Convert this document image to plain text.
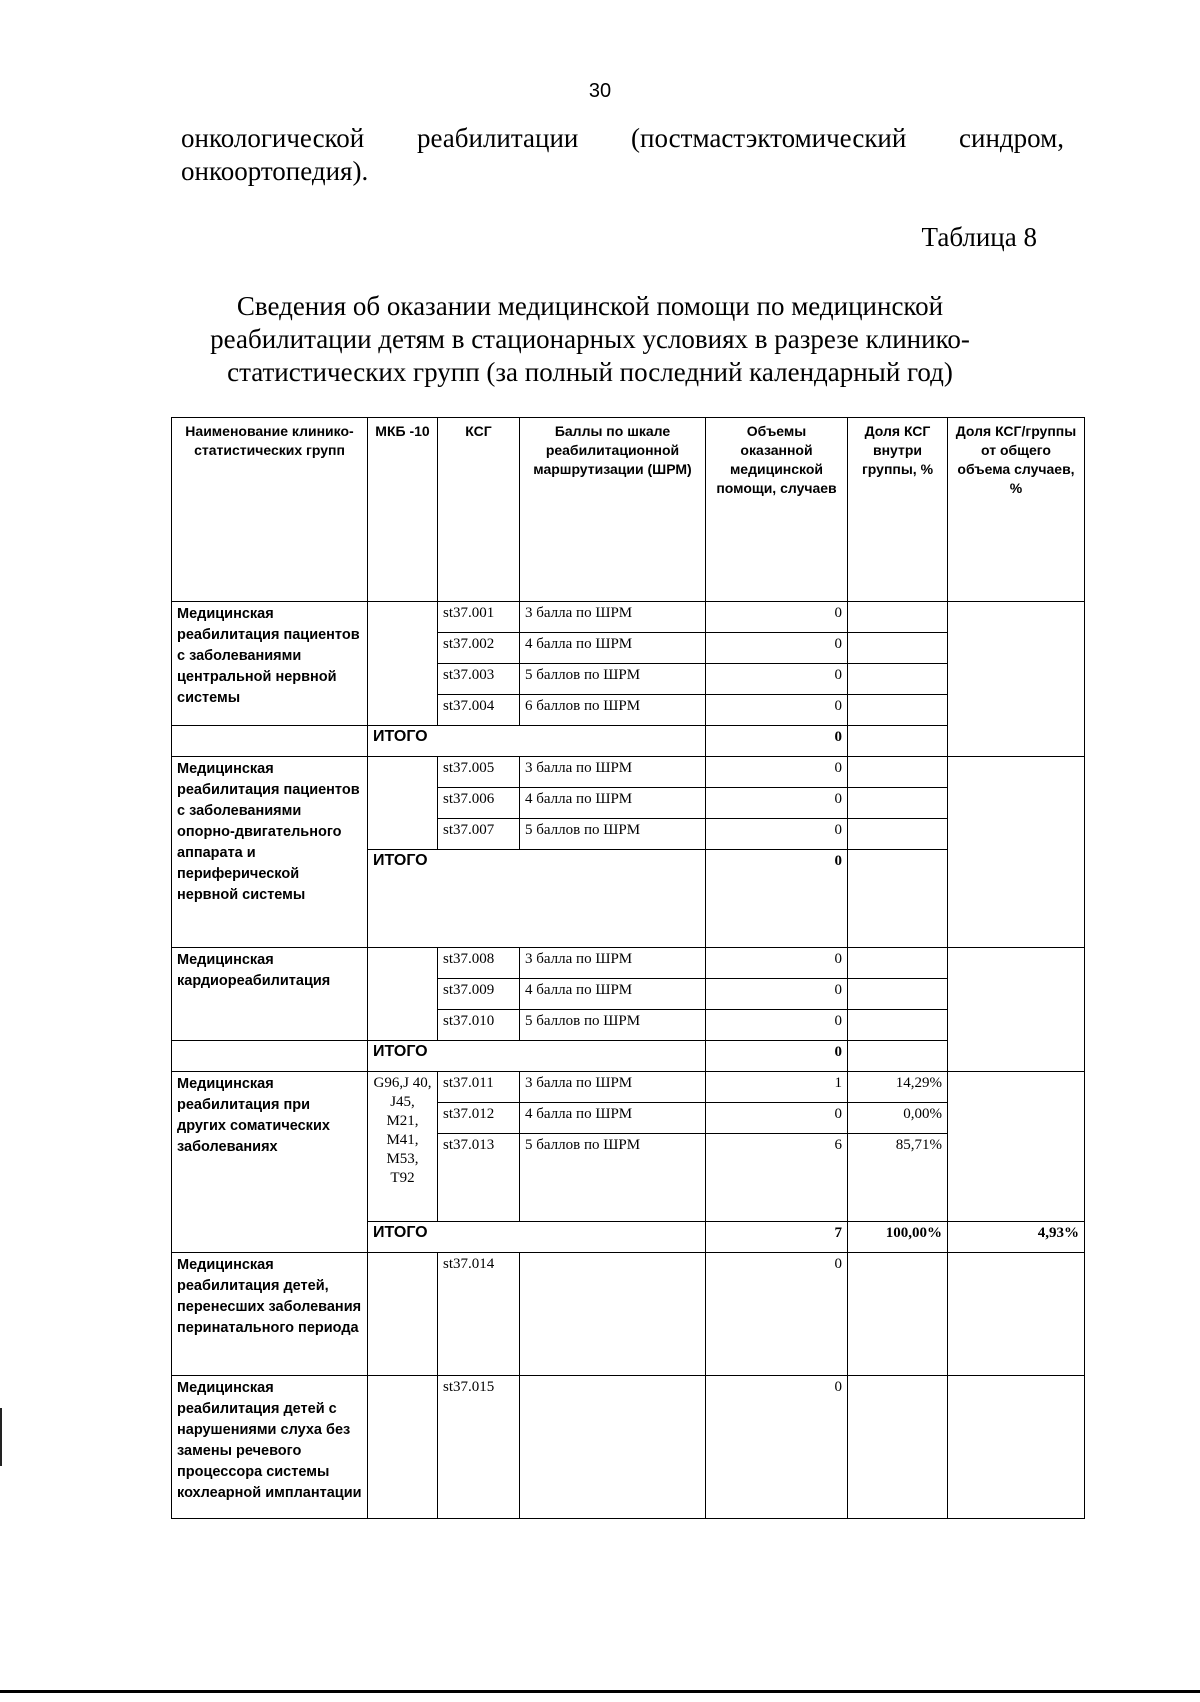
30
онкологической реабилитации (постмастэктомический синдром,
онкоортопедия).
Таблица 8
Сведения об оказании медицинской помощи по медицинской
реабилитации детям в стационарных условиях в разрезе клинико-
статистических групп (за полный последний календарный год)
Наименование клинико-статистических групп	МКБ -10	КСГ	Баллы по шкале реабилитационной маршрутизации (ШРМ)	Объемы оказанной медицинской помощи, случаев	Доля КСГ внутри группы, %	Доля КСГ/группы от общего объема случаев, %
Медицинская реабилитация пациентов с заболеваниями центральной нервной системы		st37.001	3 балла по ШРМ	0		
		st37.002	4 балла по ШРМ	0		
		st37.003	5 баллов по ШРМ	0		
		st37.004	6 баллов по ШРМ	0		
	ИТОГО			0		
Медицинская реабилитация пациентов с заболеваниями опорно-двигательного аппарата и периферической нервной системы		st37.005	3 балла по ШРМ	0		
		st37.006	4 балла по ШРМ	0		
		st37.007	5 баллов по ШРМ	0		
	ИТОГО			0		
Медицинская кардиореабилитация		st37.008	3 балла по ШРМ	0		
		st37.009	4 балла по ШРМ	0		
		st37.010	5 баллов по ШРМ	0		
	ИТОГО			0		
Медицинская реабилитация при других соматических заболеваниях	G96,J 40, J45, M21, M41, M53, T92	st37.011	3 балла по ШРМ	1	14,29%	
		st37.012	4 балла по ШРМ	0	0,00%	
		st37.013	5 баллов по ШРМ	6	85,71%	
	ИТОГО			7	100,00%	4,93%
Медицинская реабилитация детей, перенесших заболевания перинатального периода		st37.014		0		
Медицинская реабилитация детей с нарушениями слуха без замены речевого процессора системы кохлеарной имплантации		st37.015		0		
